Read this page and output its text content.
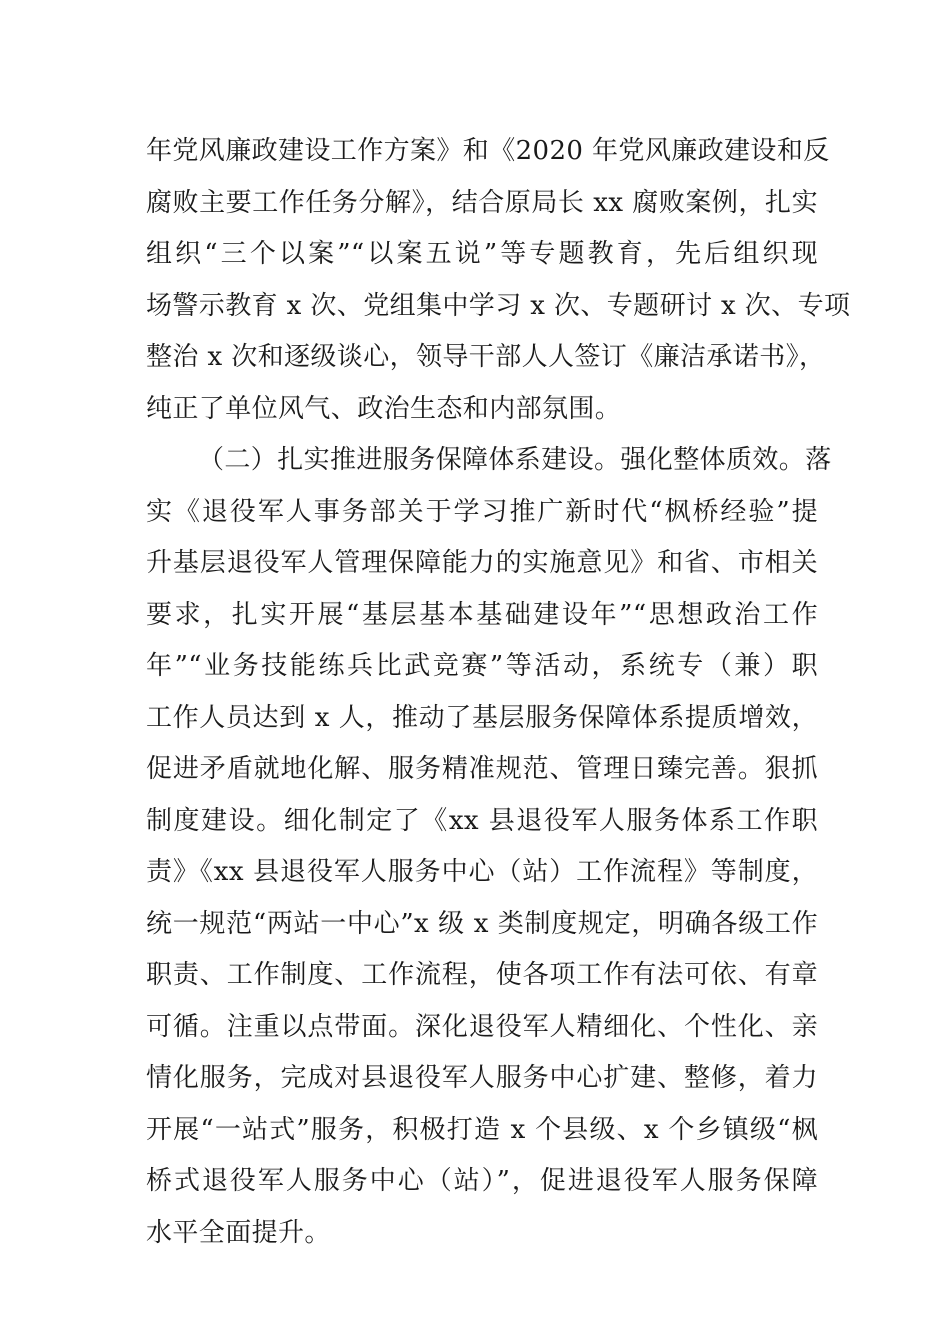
年党风廉政建设工作方案》和《2020 年党风廉政建设和反
腐败主要工作任务分解》，结合原局长 xx 腐败案例，扎实
组织“三个以案”“以案五说”等专题教育，先后组织现
场警示教育 x 次、党组集中学习 x 次、专题研讨 x 次、专项
整治 x 次和逐级谈心，领导干部人人签订《廉洁承诺书》，
纯正了单位风气、政治生态和内部氛围。
（二）扎实推进服务保障体系建设。强化整体质效。落
实《退役军人事务部关于学习推广新时代“枫桥经验”提
升基层退役军人管理保障能力的实施意见》和省、市相关
要求，扎实开展“基层基本基础建设年”“思想政治工作
年”“业务技能练兵比武竞赛”等活动，系统专（兼）职
工作人员达到 x 人，推动了基层服务保障体系提质增效，
促进矛盾就地化解、服务精准规范、管理日臻完善。狠抓
制度建设。细化制定了《xx 县退役军人服务体系工作职
责》《xx 县退役军人服务中心（站）工作流程》等制度，
统一规范“两站一中心”x 级 x 类制度规定，明确各级工作
职责、工作制度、工作流程，使各项工作有法可依、有章
可循。注重以点带面。深化退役军人精细化、个性化、亲
情化服务，完成对县退役军人服务中心扩建、整修，着力
开展“一站式”服务，积极打造 x 个县级、x 个乡镇级“枫
桥式退役军人服务中心（站）”，促进退役军人服务保障
水平全面提升。
